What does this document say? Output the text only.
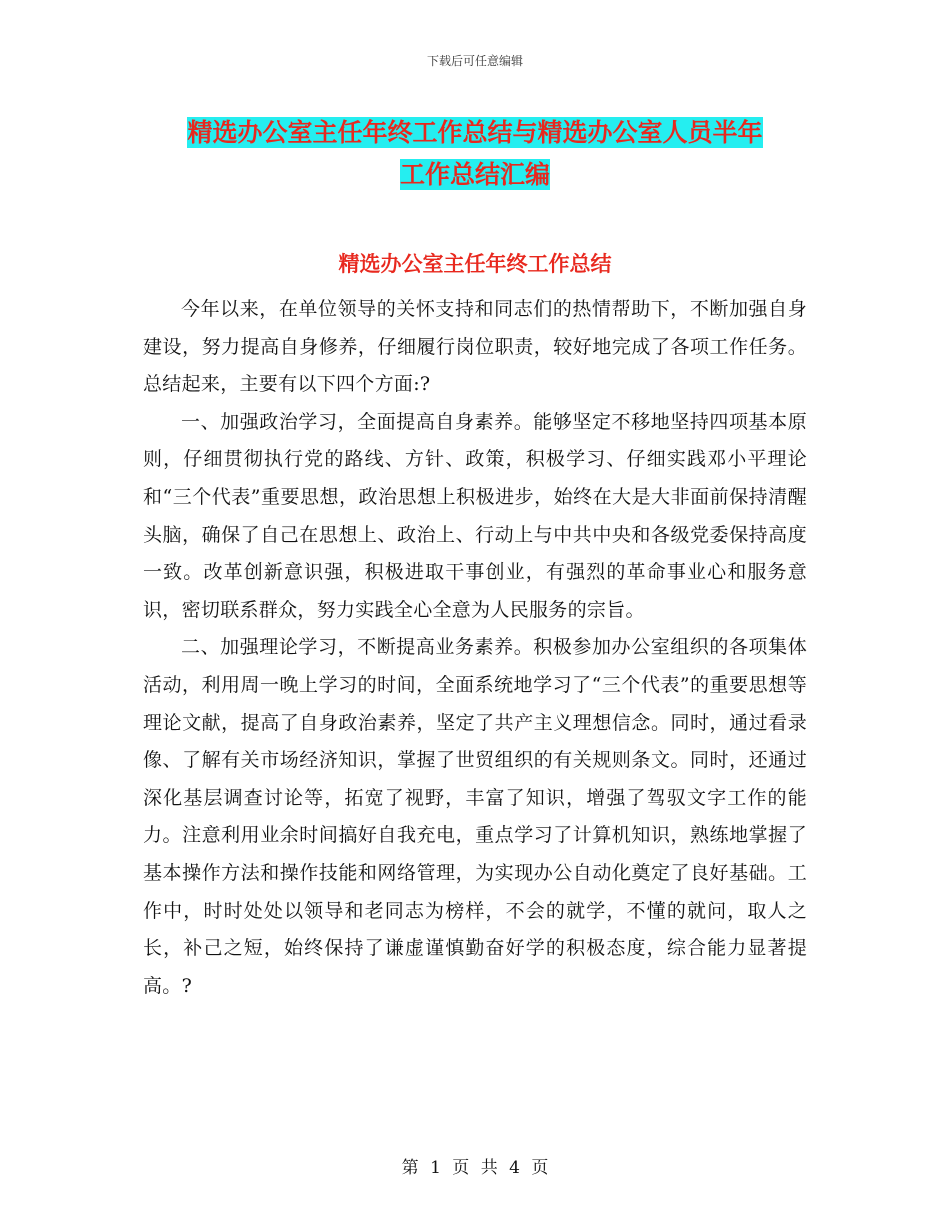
下载后可任意编辑
精选办公室主任年终工作总结与精选办公室人员半年
工作总结汇编
精选办公室主任年终工作总结

今年以来，在单位领导的关怀支持和同志们的热情帮助下，不断加强自身建设，努力提高自身修养，仔细履行岗位职责，较好地完成了各项工作任务。总结起来，主要有以下四个方面:?

一、加强政治学习，全面提高自身素养。能够坚定不移地坚持四项基本原则，仔细贯彻执行党的路线、方针、政策，积极学习、仔细实践邓小平理论和“三个代表”重要思想，政治思想上积极进步，始终在大是大非面前保持清醒头脑，确保了自己在思想上、政治上、行动上与中共中央和各级党委保持高度一致。改革创新意识强，积极进取干事创业，有强烈的革命事业心和服务意识，密切联系群众，努力实践全心全意为人民服务的宗旨。

二、加强理论学习，不断提高业务素养。积极参加办公室组织的各项集体活动，利用周一晚上学习的时间，全面系统地学习了“三个代表”的重要思想等理论文献，提高了自身政治素养，坚定了共产主义理想信念。同时，通过看录像、了解有关市场经济知识，掌握了世贸组织的有关规则条文。同时，还通过深化基层调查讨论等，拓宽了视野，丰富了知识，增强了驾驭文字工作的能力。注意利用业余时间搞好自我充电，重点学习了计算机知识，熟练地掌握了基本操作方法和操作技能和网络管理，为实现办公自动化奠定了良好基础。工作中，时时处处以领导和老同志为榜样，不会的就学，不懂的就问，取人之长，补己之短，始终保持了谦虚谨慎勤奋好学的积极态度，综合能力显著提高。?

第 1 页 共 4 页
